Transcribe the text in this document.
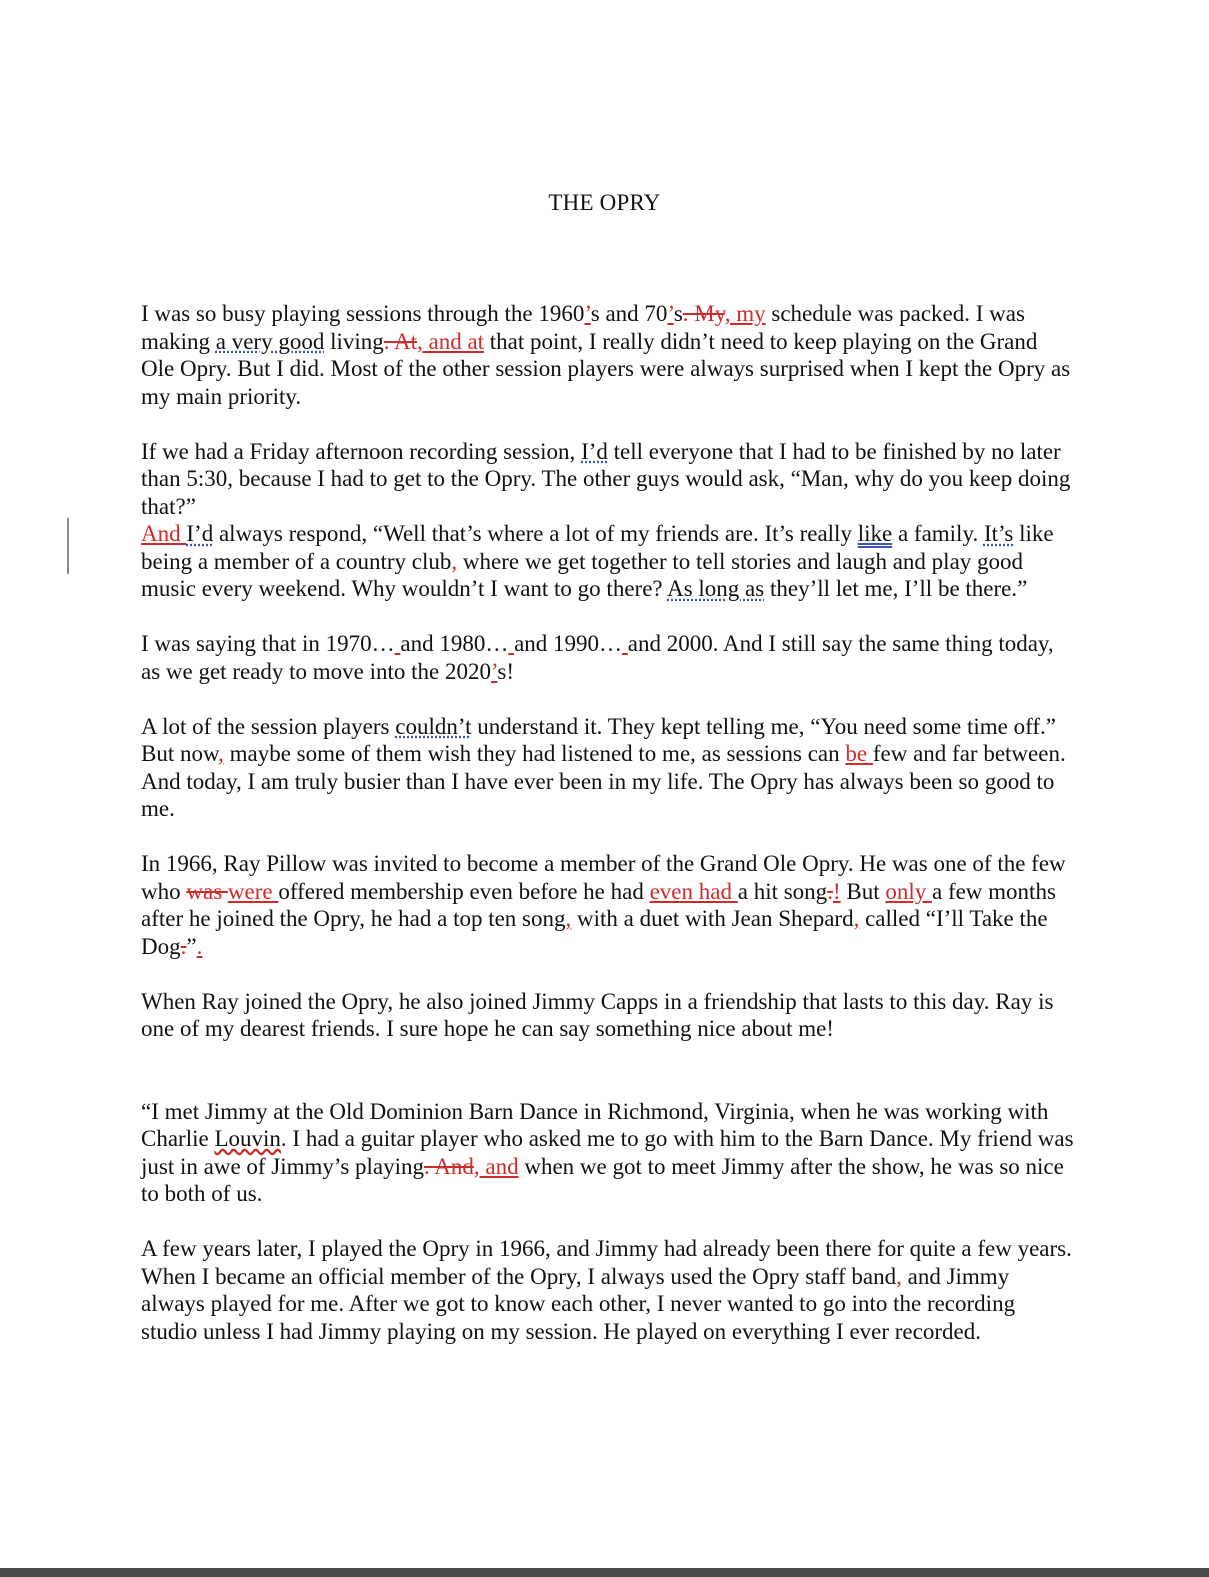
THE OPRY

I was so busy playing sessions through the 1960’s and 70’s. My, my schedule was packed. I was making a very good living. At, and at that point, I really didn’t need to keep playing on the Grand Ole Opry. But I did. Most of the other session players were always surprised when I kept the Opry as my main priority.

If we had a Friday afternoon recording session, I’d tell everyone that I had to be finished by no later than 5:30, because I had to get to the Opry. The other guys would ask, “Man, why do you keep doing that?”

And I’d always respond, “Well that’s where a lot of my friends are. It’s really like a family. It’s like being a member of a country club, where we get together to tell stories and laugh and play good music every weekend. Why wouldn’t I want to go there? As long as they’ll let me, I’ll be there.”

I was saying that in 1970… and 1980… and 1990… and 2000. And I still say the same thing today, as we get ready to move into the 2020’s!

A lot of the session players couldn’t understand it. They kept telling me, “You need some time off.” But now, maybe some of them wish they had listened to me, as sessions can be few and far between. And today, I am truly busier than I have ever been in my life. The Opry has always been so good to me.

In 1966, Ray Pillow was invited to become a member of the Grand Ole Opry. He was one of the few who was were offered membership even before he had even had a hit song.! But only a few months after he joined the Opry, he had a top ten song, with a duet with Jean Shepard, called “I’ll Take the Dog.”.

When Ray joined the Opry, he also joined Jimmy Capps in a friendship that lasts to this day. Ray is one of my dearest friends. I sure hope he can say something nice about me!

“I met Jimmy at the Old Dominion Barn Dance in Richmond, Virginia, when he was working with Charlie Louvin. I had a guitar player who asked me to go with him to the Barn Dance. My friend was just in awe of Jimmy’s playing. And, and when we got to meet Jimmy after the show, he was so nice to both of us.

A few years later, I played the Opry in 1966, and Jimmy had already been there for quite a few years. When I became an official member of the Opry, I always used the Opry staff band, and Jimmy always played for me. After we got to know each other, I never wanted to go into the recording studio unless I had Jimmy playing on my session. He played on everything I ever recorded.
